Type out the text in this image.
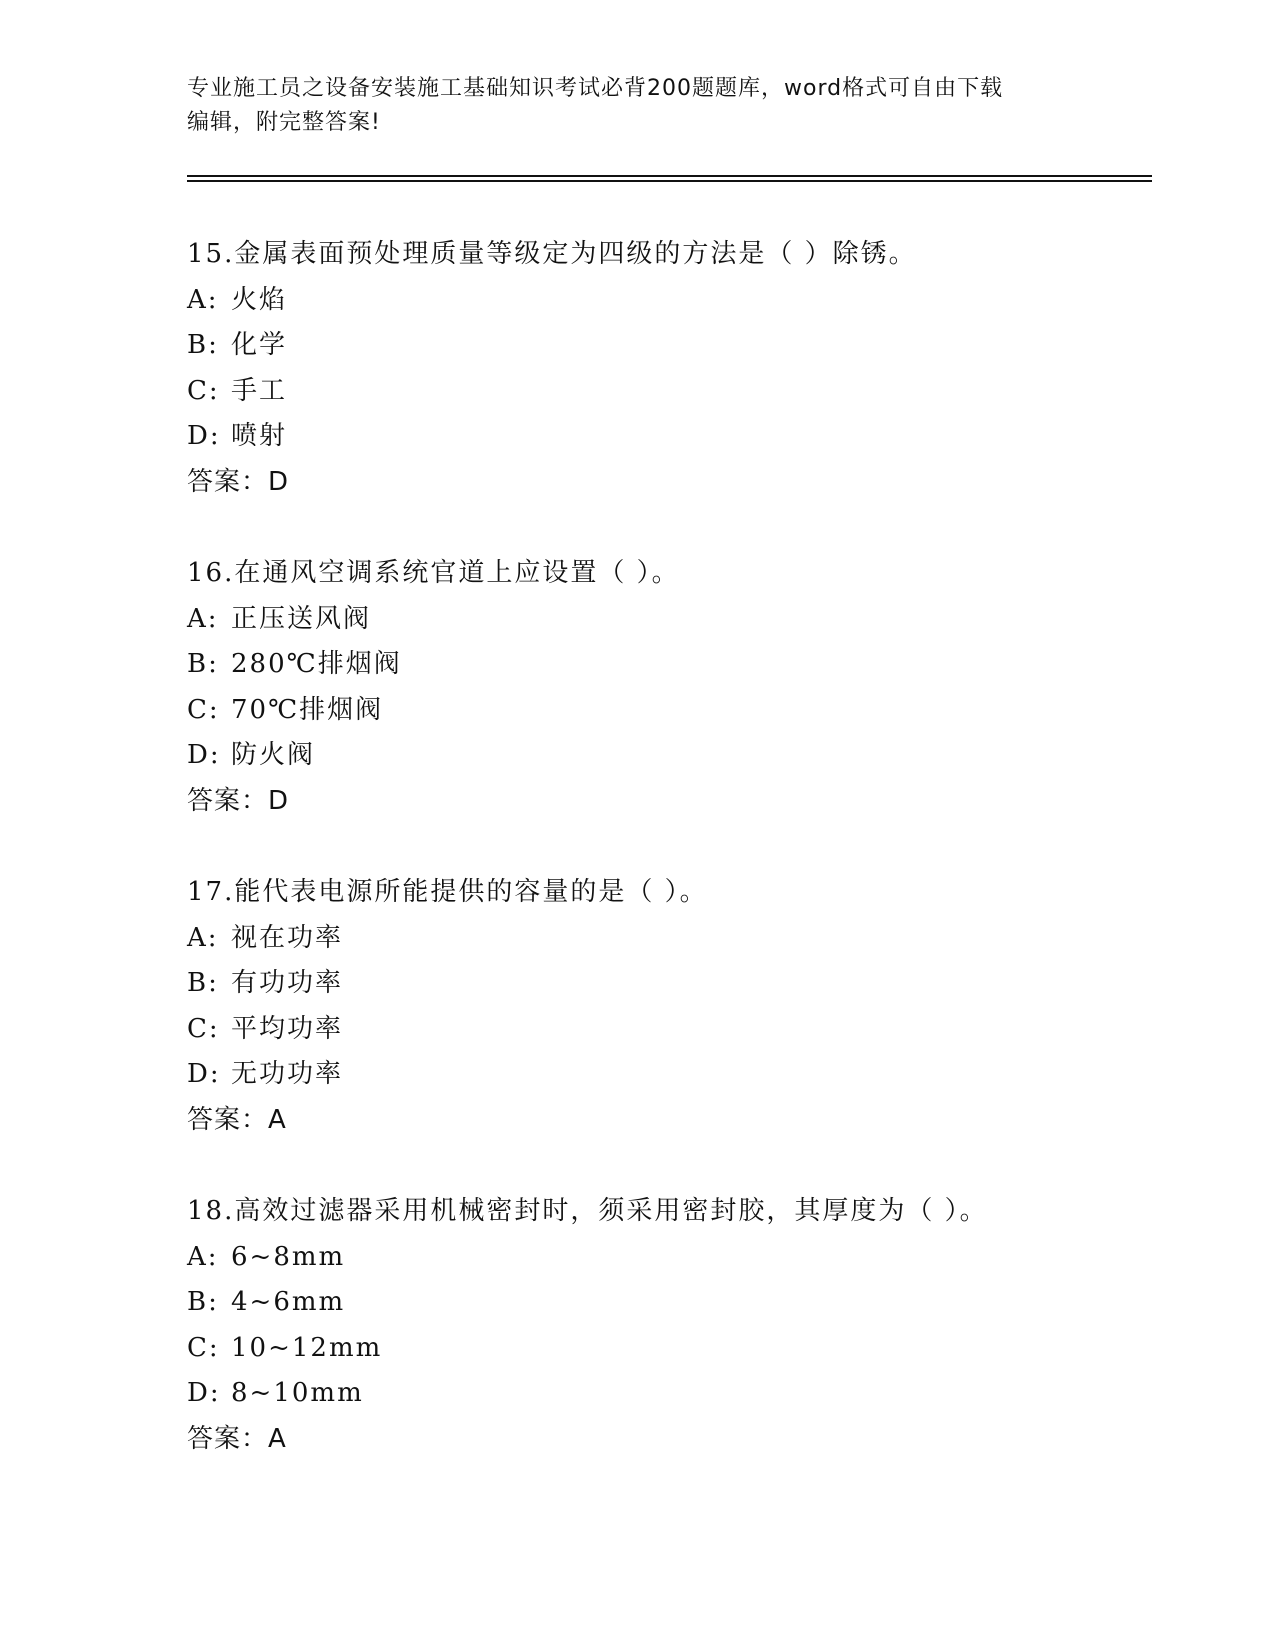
专业施工员之设备安装施工基础知识考试必背200题题库，word格式可自由下载
编辑，附完整答案!
15.金属表面预处理质量等级定为四级的方法是（ ）除锈。
A: 火焰
B: 化学
C: 手工
D: 喷射
答案：D
16.在通风空调系统官道上应设置（ ）。
A: 正压送风阀
B: 280℃排烟阀
C: 70℃排烟阀
D: 防火阀
答案：D
17.能代表电源所能提供的容量的是（ ）。
A: 视在功率
B: 有功功率
C: 平均功率
D: 无功功率
答案：A
18.高效过滤器采用机械密封时，须采用密封胶，其厚度为（ ）。
A: 6~8mm
B: 4~6mm
C: 10~12mm
D: 8~10mm
答案：A
